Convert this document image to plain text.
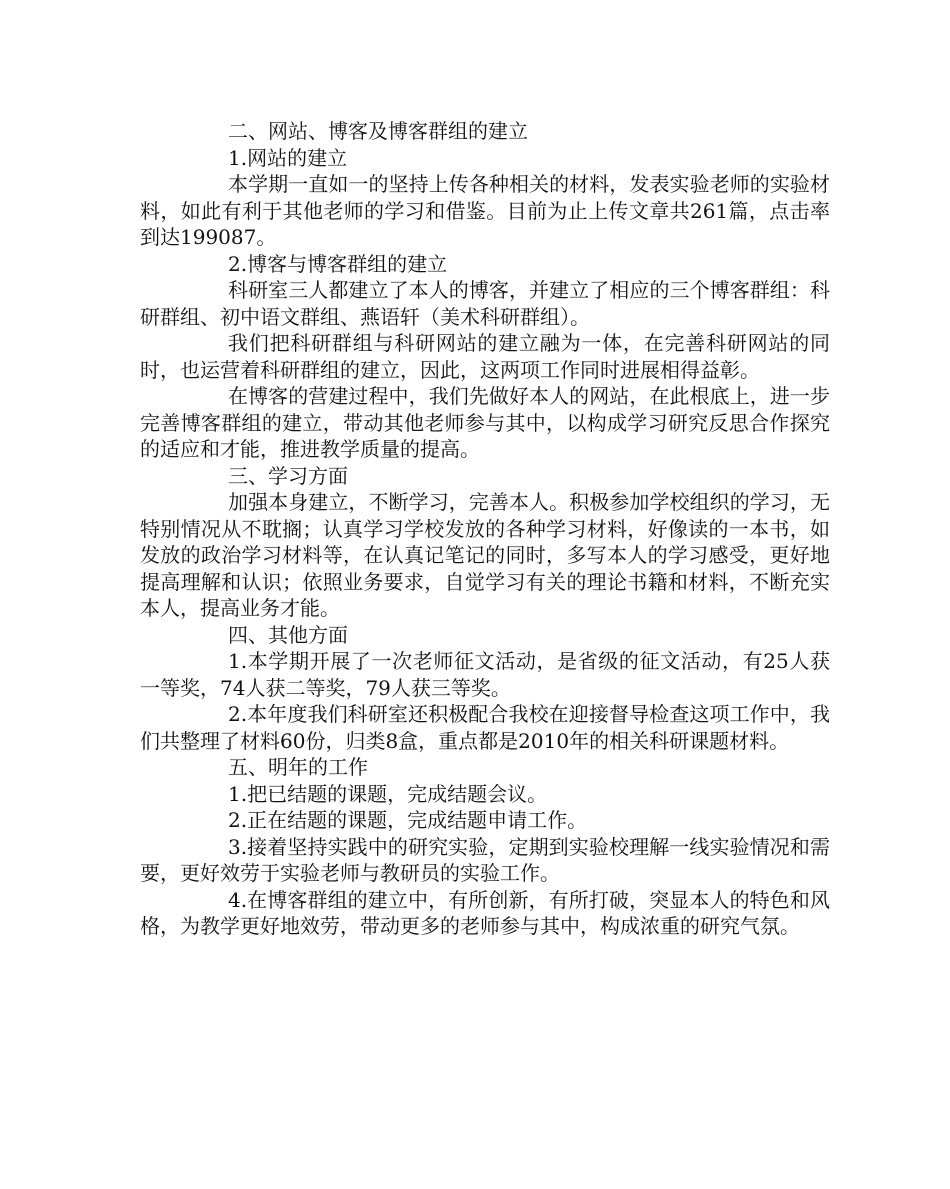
二、网站、博客及博客群组的建立

1.网站的建立

本学期一直如一的坚持上传各种相关的材料，发表实验老师的实验材料，如此有利于其他老师的学习和借鉴。目前为止上传文章共261篇，点击率到达199087。

2.博客与博客群组的建立

科研室三人都建立了本人的博客，并建立了相应的三个博客群组：科研群组、初中语文群组、燕语轩（美术科研群组）。

我们把科研群组与科研网站的建立融为一体，在完善科研网站的同时，也运营着科研群组的建立，因此，这两项工作同时进展相得益彰。

在博客的营建过程中，我们先做好本人的网站，在此根底上，进一步完善博客群组的建立，带动其他老师参与其中，以构成学习研究反思合作探究的适应和才能，推进教学质量的提高。

三、学习方面

加强本身建立，不断学习，完善本人。积极参加学校组织的学习，无特别情况从不耽搁；认真学习学校发放的各种学习材料，好像读的一本书，如发放的政治学习材料等，在认真记笔记的同时，多写本人的学习感受，更好地提高理解和认识；依照业务要求，自觉学习有关的理论书籍和材料，不断充实本人，提高业务才能。

四、其他方面

1.本学期开展了一次老师征文活动，是省级的征文活动，有25人获一等奖，74人获二等奖，79人获三等奖。

2.本年度我们科研室还积极配合我校在迎接督导检查这项工作中，我们共整理了材料60份，归类8盒，重点都是2010年的相关科研课题材料。

五、明年的工作

1.把已结题的课题，完成结题会议。

2.正在结题的课题，完成结题申请工作。

3.接着坚持实践中的研究实验，定期到实验校理解一线实验情况和需要，更好效劳于实验老师与教研员的实验工作。

4.在博客群组的建立中，有所创新，有所打破，突显本人的特色和风格，为教学更好地效劳，带动更多的老师参与其中，构成浓重的研究气氛。
